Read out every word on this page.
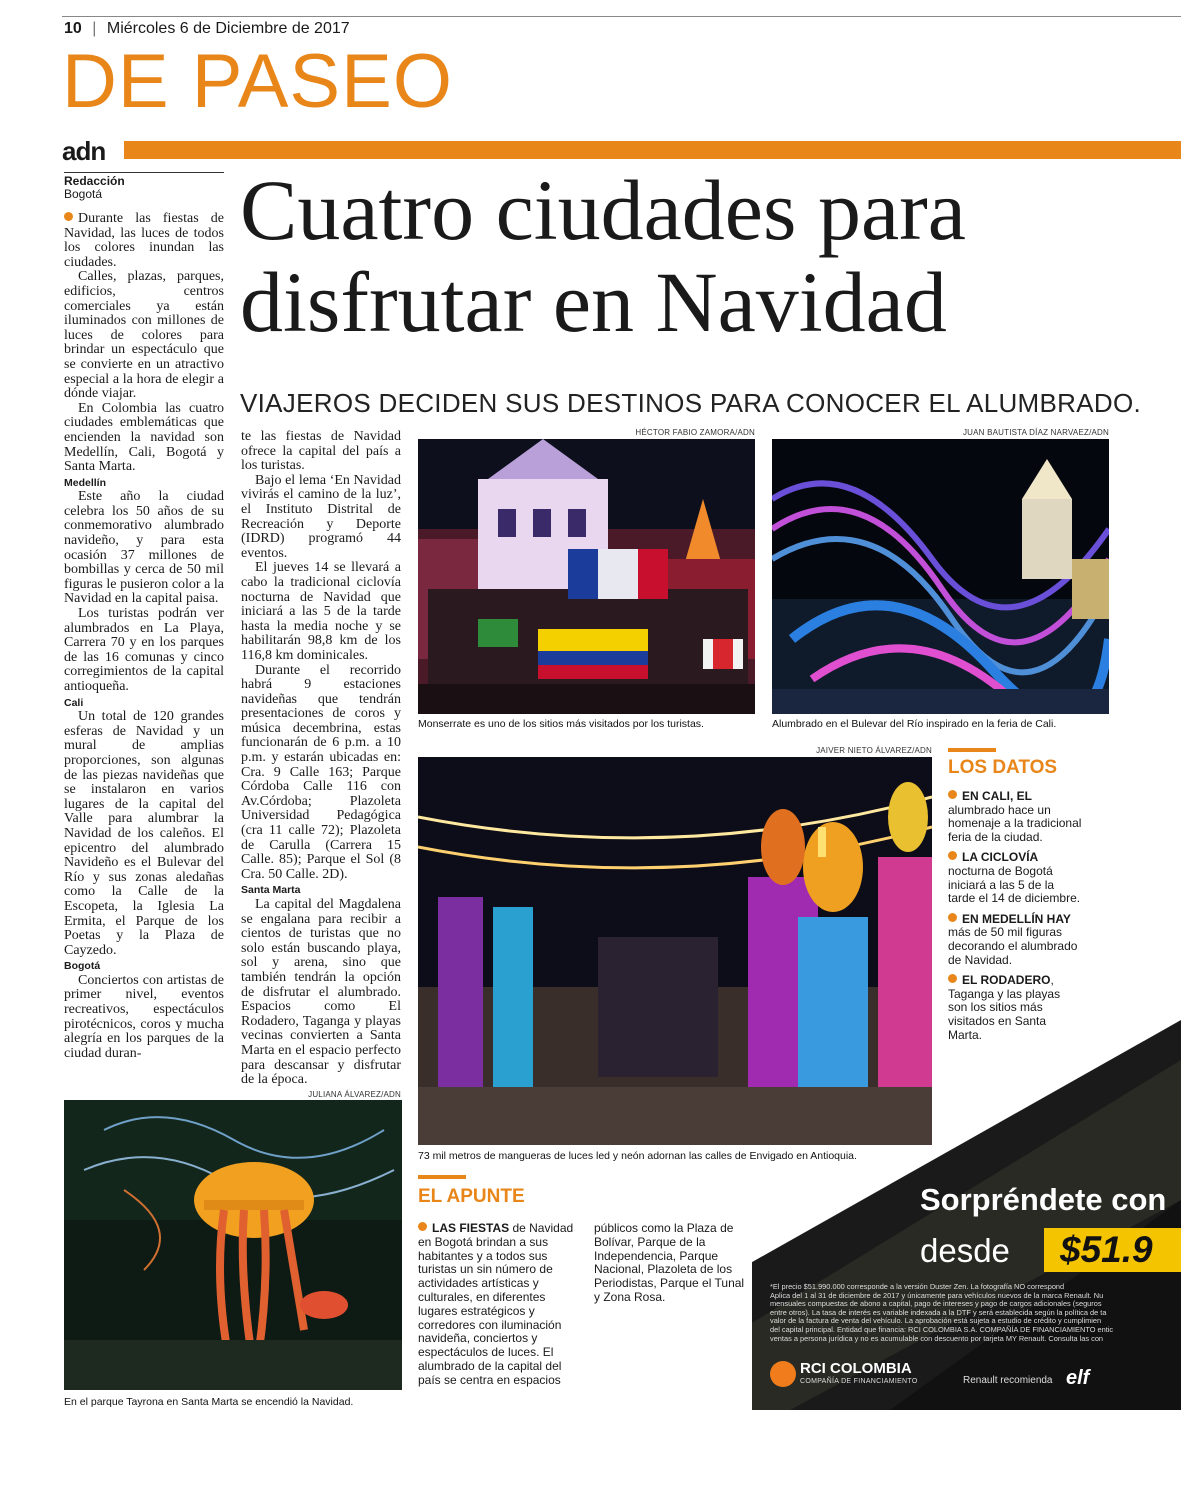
10 | Miércoles 6 de Diciembre de 2017
DE PASEO
adn
Redacción
Bogotá	Cuatro ciudades para
disfrutar en Navidad
VIAJEROS DECIDEN SUS DESTINOS PARA CONOCER EL ALUMBRADO.

Durante las fiestas de Navidad, las luces de todos los colores inundan las ciudades.

Calles, plazas, parques, edificios, centros comerciales ya están iluminados con millones de luces de colores para brindar un espectáculo que se convierte en un atractivo especial a la hora de elegir a dónde viajar.

En Colombia las cuatro ciudades emblemáticas que encienden la navidad son Medellín, Cali, Bogotá y Santa Marta.

Medellín

Este año la ciudad celebra los 50 años de su conmemorativo alumbrado navideño, y para esta ocasión 37 millones de bombillas y cerca de 50 mil figuras le pusieron color a la Navidad en la capital paisa.

Los turistas podrán ver alumbrados en La Playa, Carrera 70 y en los parques de las 16 comunas y cinco corregimientos de la capital antioqueña.

Cali

Un total de 120 grandes esferas de Navidad y un mural de amplias proporciones, son algunas de las piezas navideñas que se instalaron en varios lugares de la capital del Valle para alumbrar la Navidad de los caleños. El epicentro del alumbrado Navideño es el Bulevar del Río y sus zonas aledañas como la Calle de la Escopeta, la Iglesia La Ermita, el Parque de los Poetas y la Plaza de Cayzedo.

Bogotá

Conciertos con artistas de primer nivel, eventos recreativos, espectáculos pirotécnicos, coros y mucha alegría en los parques de la ciudad duran-

te las fiestas de Navidad ofrece la capital del país a los turistas.

Bajo el lema ‘En Navidad vivirás el camino de la luz’, el Instituto Distrital de Recreación y Deporte (IDRD) programó 44 eventos.

El jueves 14 se llevará a cabo la tradicional ciclovía nocturna de Navidad que iniciará a las 5 de la tarde hasta la media noche y se habilitarán 98,8 km de los 116,8 km dominicales.

Durante el recorrido habrá 9 estaciones navideñas que tendrán presentaciones de coros y música decembrina, estas funcionarán de 6 p.m. a 10 p.m. y estarán ubicadas en: Cra. 9 Calle 163; Parque Córdoba Calle 116 con Av.Córdoba; Plazoleta Universidad Pedagógica (cra 11 calle 72); Plazoleta de Carulla (Carrera 15 Calle. 85); Parque el Sol (8 Cra. 50 Calle. 2D).

Santa Marta

La capital del Magdalena se engalana para recibir a cientos de turistas que no solo están buscando playa, sol y arena, sino que también tendrán la opción de disfrutar el alumbrado. Espacios como El Rodadero, Taganga y playas vecinas convierten a Santa Marta en el espacio perfecto para descansar y disfrutar de la época.

HÉCTOR FABIO ZAMORA/ADN
Monserrate es uno de los sitios más visitados por los turistas.
JUAN BAUTISTA DÍAZ NARVAEZ/ADN
Alumbrado en el Bulevar del Río inspirado en la feria de Cali.
JAIVER NIETO ÁLVAREZ/ADN
73 mil metros de mangueras de luces led y neón adornan las calles de Envigado en Antioquia.
JULIANA ÁLVAREZ/ADN
En el parque Tayrona en Santa Marta se encendió la Navidad.
LOS DATOS

EN CALI, EL alumbrado hace un homenaje a la tradicional feria de la ciudad.

LA CICLOVÍA nocturna de Bogotá iniciará a las 5 de la tarde el 14 de diciembre.

EN MEDELLÍN HAY más de 50 mil figuras decorando el alumbrado de Navidad.

EL RODADERO, Taganga y las playas son los sitios más visitados en Santa Marta.

Sorpréndete con
desde $51.9
*El precio $51.990.000 corresponde a la versión Duster Zen. La fotografía NO correspond
Aplica del 1 al 31 de diciembre de 2017 y únicamente para vehículos nuevos de la marca Renault. Nu
mensuales compuestas de abono a capital, pago de intereses y pago de cargos adicionales (seguros
entre otros). La tasa de interés es variable indexada a la DTF y será establecida según la política de ta
valor de la factura de venta del vehículo. La aprobación está sujeta a estudio de crédito y cumplimien
del capital principal. Entidad que financia: RCI COLOMBIA S.A. COMPAÑÍA DE FINANCIAMIENTO entic
ventas a persona jurídica y no es acumulable con descuento por tarjeta MY Renault. Consulta las con
RCI COLOMBIA
COMPAÑÍA DE FINANCIAMIENTO	Renault recomienda elf
EL APUNTE
LAS FIESTAS de Navidad en Bogotá brindan a sus habitantes y a todos sus turistas un sin número de actividades artísticas y culturales, en diferentes lugares estratégicos y corredores con iluminación navideña, conciertos y espectáculos de luces. El alumbrado de la capital del país se centra en espacios
públicos como la Plaza de Bolívar, Parque de la Independencia, Parque Nacional, Plazoleta de los Periodistas, Parque el Tunal y Zona Rosa.
